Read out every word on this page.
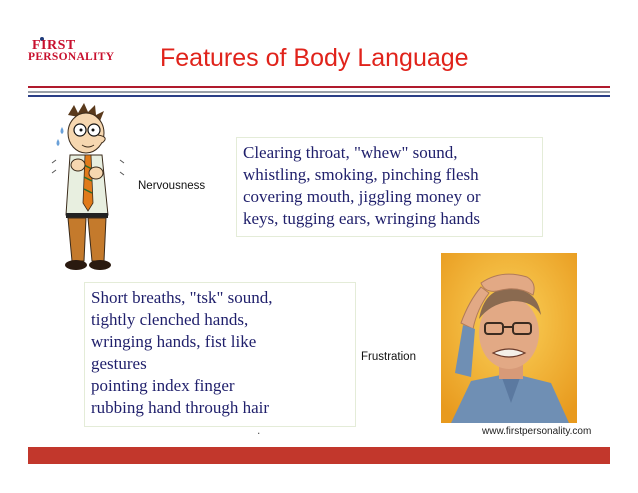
FIRST
PERSONALITY Features of Body Language
Nervousness
Clearing throat, "whew" sound,
whistling, smoking, pinching flesh
covering mouth, jiggling money or
keys, tugging ears, wringing hands
Short breaths, "tsk" sound,
tightly clenched hands,
wringing hands, fist like
gestures
pointing index finger
rubbing hand through hair
Frustration
.	www.firstpersonality.com
